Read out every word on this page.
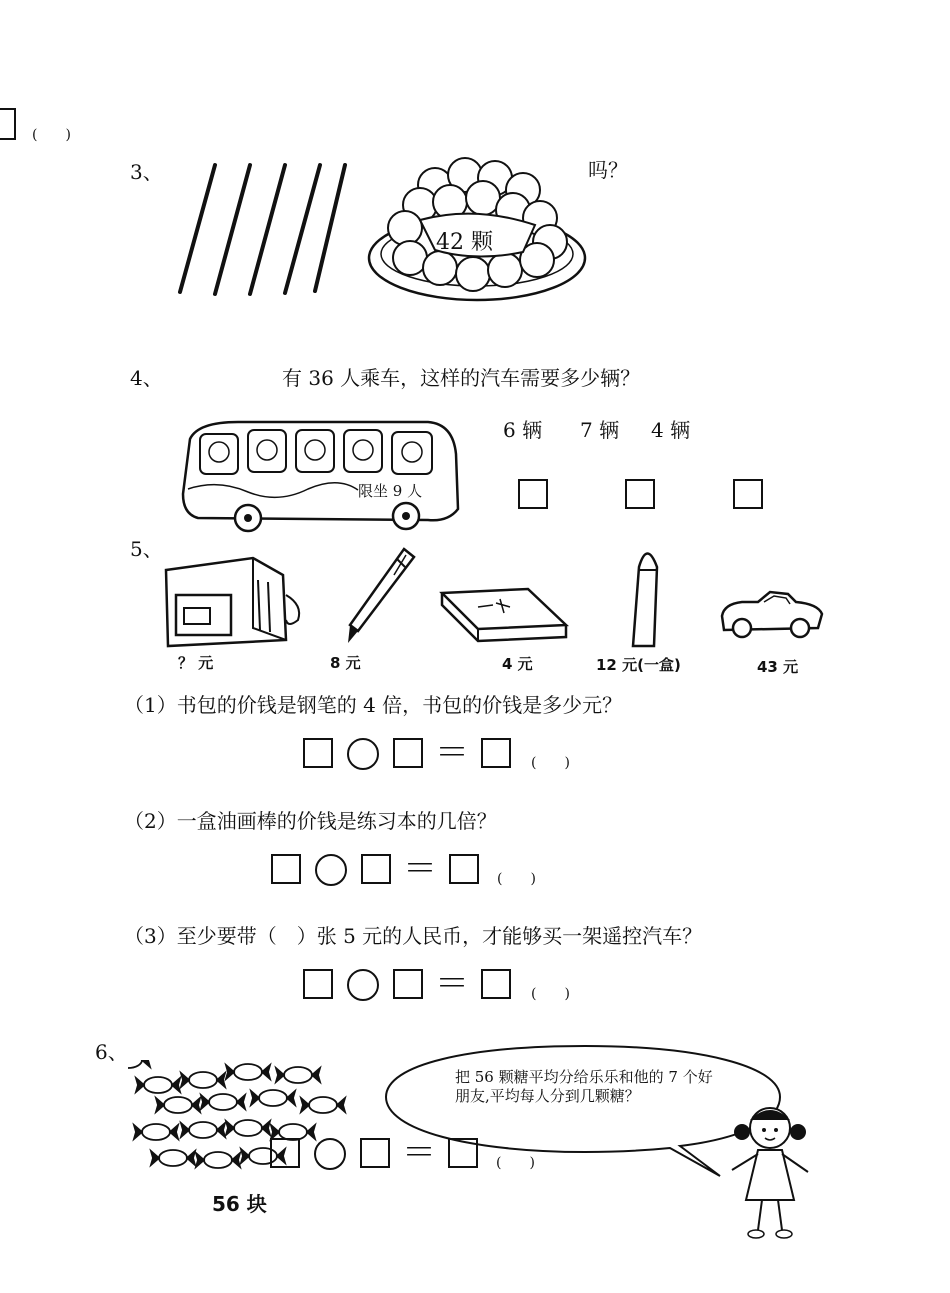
(　　)
3、
42 颗
吗？
4、	有 36 人乘车，这样的汽车需要多少辆？
限坐 9 人
6 辆 7 辆 4 辆
5、
？ 元	8 元	4 元	12 元(一盒)	43 元
（1）书包的价钱是钢笔的 4 倍，书包的价钱是多少元？
＝	(　　)
（2）一盒油画棒的价钱是练习本的几倍？
＝	(　　)
（3）至少要带（　）张 5 元的人民币，才能够买一架遥控汽车？
＝	(　　)
6、
56 块
把 56 颗糖平均分给乐乐和他的 7 个好朋友,平均每人分到几颗糖？
＝	(　　)
